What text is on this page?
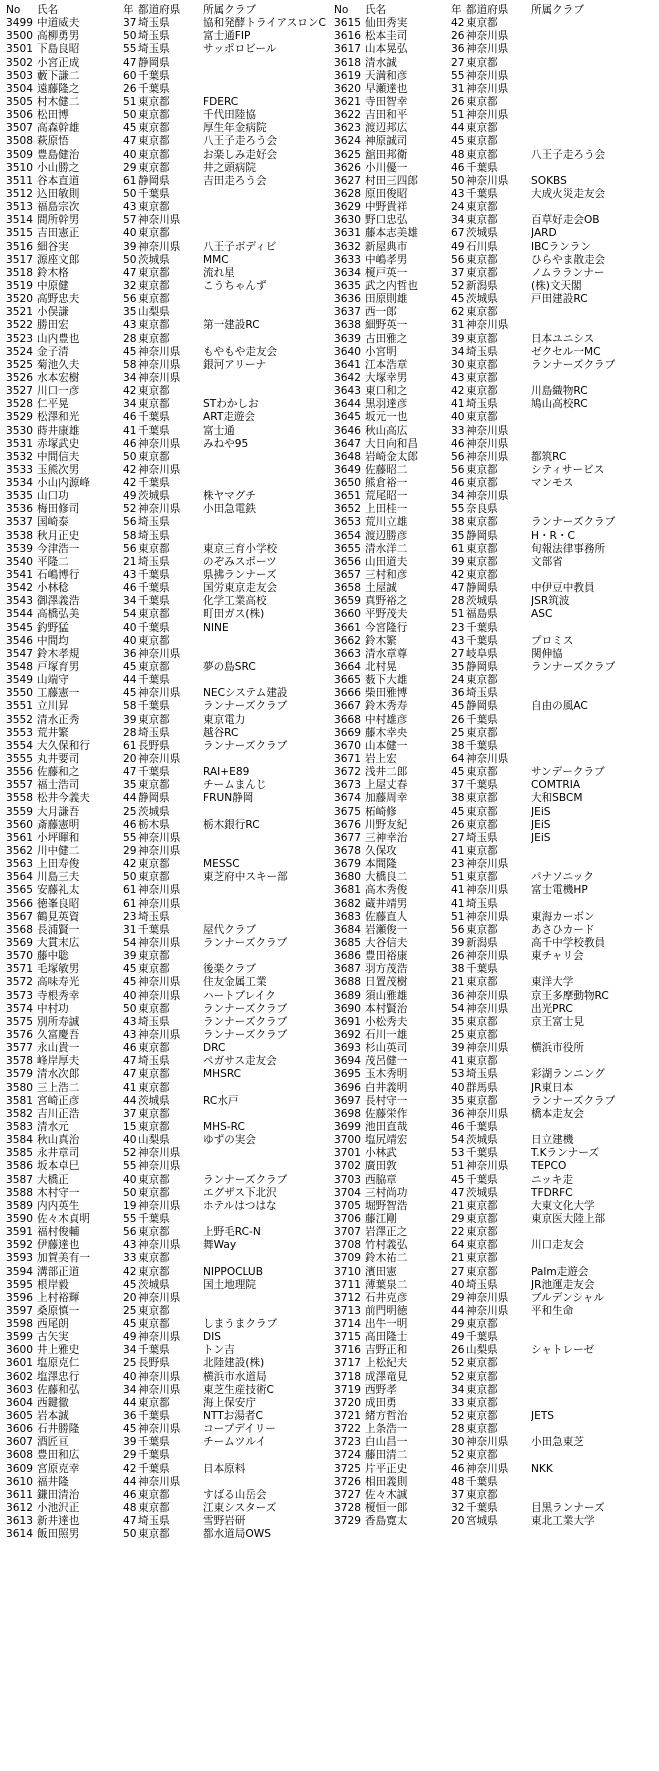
No	氏名	年 都道府県	所属クラブ
3499 中道威夫	37 埼玉県	協和発酵トライアスロンC
3500 高柳勇男	50 埼玉県	富士通FIP
3501 下島良昭	55 埼玉県	サッポロビール
3502 小宮正成	47 静岡県
3503 藪下謙二	60 千葉県
3504 遠藤隆之	26 千葉県
3505 村木健二	51 東京都	FDERC
3506 松田博	50 東京都	千代田陸協
3507 高森幹雄	45 東京都	厚生年金病院
3508 萩原悟	47 東京都	八王子走ろう会
3509 豊島健治	40 東京都	お楽しみ走好会
3510 小山勝之	29 東京都	井之頭病院
3511 谷本直道	61 静岡県	吉田走ろう会
3512 込田敏則	50 千葉県
3513 福島宗次	43 東京都
3514 間所幹男	57 神奈川県
3515 吉田憲正	40 東京都
3516 細谷実	39 神奈川県	八王子ボディビ
3517 源座文郎	50 茨城県	MMC
3518 鈴木格	47 東京都	流れ星
3519 中原健	32 東京都	こうちゃんず
3520 高野忠夫	56 東京都
3521 小俣謙	35 山梨県
3522 勝田宏	43 東京都	第一建設RC
3523 山内豊也	28 東京都
3524 金子清	45 神奈川県	もやもや走友会
3525 菊池久夫	58 神奈川県	銀河アリーナ
3526 水本宏樹	34 神奈川県
3527 川口一彦	42 東京都
3528 仁平晃	34 東京都	STわかしお
3529 松澤和光	46 千葉県	ART走遊会
3530 蒔井康雄	41 千葉県	富士通
3531 赤塚武史	46 神奈川県	みねや95
3532 中間信夫	50 東京都
3533 玉熊次男	42 神奈川県
3534 小山内源峰	42 千葉県
3535 山口功	49 茨城県	株ヤマグチ
3536 梅田修司	52 神奈川県	小田急電鉄
3537 国崎泰	56 埼玉県
3538 秋月正史	58 埼玉県
3539 今津浩一	56 東京都	東京三育小学校
3540 平隆二	21 埼玉県	のぞみスポーツ
3541 石嶋博行	43 千葉県	県拂ランナーズ
3542 小林稔	46 千葉県	国労東京走友会
3543 御澤義浩	34 千葉県	化学工業高校
3544 高橋弘美	54 東京都	町田ガス(株)
3545 釣野猛	40 千葉県	NINE
3546 中間均	40 東京都
3547 鈴木孝規	36 神奈川県
3548 戸塚育男	45 東京都	夢の島SRC
3549 山端守	44 千葉県
3550 工藤憲一	45 神奈川県	NECシステム建設
3551 立川昇	58 千葉県	ランナーズクラブ
3552 清水正秀	39 東京都	東京電力
3553 荒井繁	28 埼玉県	越谷RC
3554 大久保和行	61 長野県	ランナーズクラブ
3555 丸井要司	20 神奈川県
3556 佐藤和之	47 千葉県	RAI+E89
3557 福士浩司	35 東京都	チームまんじ
3558 松井今義夫	44 静岡県	FRUN静岡
3559 大月謙吾	25 茨城県
3560 斎藤憲明	46 栃木県	栃木銀行RC
3561 小坪暉和	55 神奈川県
3562 川中健二	29 神奈川県
3563 上田寿俊	42 東京都	MESSC
3564 川島三夫	50 東京都	東芝府中スキー部
3565 安藤礼太	61 神奈川県
3566 徳峯良昭	61 神奈川県
3567 鶴見英資	23 埼玉県
3568 長浦賢一	31 千葉県	屋代クラブ
3569 大貫末広	54 神奈川県	ランナーズクラブ
3570 藤中聡	39 東京都
3571 毛塚敏男	45 東京都	後楽クラブ
3572 高味寿光	45 神奈川県	住友金属工業
3573 寺根秀幸	40 神奈川県	ハートブレイク
3574 中村功	50 東京都	ランナーズクラブ
3575 別所寿誠	43 埼玉県	ランナーズクラブ
3576 久富慶吾	43 神奈川県	ランナーズクラブ
3577 永山貴一	46 東京都	DRC
3578 峰岸厚夫	47 埼玉県	ペガサス走友会
3579 清水次郎	47 東京都	MHSRC
3580 三上浩二	41 東京都
3581 宮崎正彦	44 茨城県	RC水戸
3582 吉川正浩	37 東京都
3583 清水元	15 東京都	MHS-RC
3584 秋山真治	40 山梨県	ゆずの実会
3585 永井章司	52 神奈川県
3586 坂本卓巳	55 神奈川県
3587 大橋正	40 東京都	ランナーズクラブ
3588 木村守一	50 東京都	エグザス下北沢
3589 内内英生	19 神奈川県	ホテルはつはな
3590 佐々木貞明	55 千葉県
3591 福村俊輔	56 東京都	上野毛RC-N
3592 伊藤達也	43 神奈川県	舞Way
3593 加賀美有一	33 東京都
3594 溝部正道	42 東京都	NIPPOCLUB
3595 根岸毅	45 茨城県	国土地理院
3596 上村裕輝	20 神奈川県
3597 桑原慎一	25 東京都
3598 西尾朗	45 東京都	しまうまクラブ
3599 古矢実	49 神奈川県	DIS
3600 井上雅史	34 千葉県	トン吉
3601 塩原克仁	25 長野県	北陸建設(株)
3602 塩澤忠行	40 神奈川県	横浜市水道局
3603 佐藤和弘	34 神奈川県	東芝生産技術C
3604 西鍵徹	44 東京都	海上保安庁
3605 岩本誠	36 千葉県	NTTお湯者C
3606 石井勝隆	45 神奈川県	コープデイリー
3607 酒匠亘	39 千葉県	チームツルイ
3608 豊田和広	29 千葉県
3609 宮原克幸	42 千葉県	日本原料
3610 福井隆	44 神奈川県
3611 鎌田清治	46 東京都	すばる山岳会
3612 小池沢正	48 東京都	江東シスターズ
3613 新井達也	47 埼玉県	雪野岩研
3614 飯田照男	50 東京都	都水道局OWS
No	氏名	年 都道府県	所属クラブ
3615 仙田秀実	42 東京都
3616 松本圭司	26 神奈川県
3617 山本晃弘	36 神奈川県
3618 清水誠	27 東京都
3619 天満和彦	55 神奈川県
3620 早瀬達也	31 神奈川県
3621 寺田智幸	26 東京都
3622 吉田和平	51 神奈川県
3623 渡辺邦広	44 東京都
3624 神原誠司	45 東京都
3625 舘田邦衛	48 東京都	八王子走ろう会
3626 小川優一	46 千葉県
3627 村田三四郎	50 神奈川県	SOKBS
3628 原田俊昭	43 千葉県	大成火災走友会
3629 中野貴祥	24 東京都
3630 野口忠弘	34 東京都	百草好走会OB
3631 藤本志美雄	67 茨城県	JARD
3632 新屋典市	49 石川県	IBCランラン
3633 中嶋孝男	56 東京都	ひらやま散走会
3634 榎戸英一	37 東京都	ノムラランナー
3635 武之内哲也	52 新潟県	(株)文天閣
3636 田原則雄	45 茨城県	戸田建設RC
3637 西一郎	62 東京都
3638 細野英一	31 神奈川県
3639 古田雅之	39 東京都	日本ユニシス
3640 小宮明	34 埼玉県	ゼクセル一MC
3641 江本浩章	30 東京都	ランナーズクラブ
3642 大塚幸男	43 東京都
3643 東口和之	42 東京都	川島織物RC
3644 黒羽達彦	41 埼玉県	鳩山高校RC
3645 坂元一也	40 東京都
3646 秋山高広	33 神奈川県
3647 大日向和昌	46 神奈川県
3648 岩崎金太郎	56 神奈川県	都筑RC
3649 佐藤昭二	56 東京都	シティサービス
3650 熊倉裕一	46 東京都	マンモス
3651 荒尾昭一	34 神奈川県
3652 上田桂一	55 奈良県
3653 荒川立雄	38 東京都	ランナーズクラブ
3654 渡辺勝彦	35 静岡県	H・R・C
3655 清水洋二	61 東京都	旬報法律事務所
3656 山田道夫	39 東京都	文部省
3657 三村和彦	42 東京都
3658 土屋誠	47 静岡県	中伊豆中教員
3659 真野裕之	28 茨城県	JSR筑波
3660 平野茂夫	51 福島県	ASC
3661 今宮隆行	23 千葉県
3662 鈴木繁	43 千葉県	プロミス
3663 清水章尊	27 岐阜県	関伸協
3664 北村晃	35 静岡県	ランナーズクラブ
3665 薮下大雄	24 東京都
3666 柴田雅博	36 埼玉県
3667 鈴木秀寿	45 静岡県	自由の風AC
3668 中村雄彦	26 千葉県
3669 藤木幸央	25 東京都
3670 山本健一	38 千葉県
3671 岩上宏	64 神奈川県
3672 浅井二郎	45 東京都	サンデークラブ
3673 上屋丈春	37 千葉県	COMTRIA
3674 加藤周幸	38 東京都	大和SBCM
3675 柘崎修	45 東京都	JEiS
3676 川野友紀	26 東京都	JEiS
3677 三神幸治	27 埼玉県	JEiS
3678 久保攻	41 東京都
3679 本間隆	23 神奈川県
3680 大橋良二	51 東京都	パナソニック
3681 高木秀俊	41 神奈川県	富士電機HP
3682 蔵井靖男	41 埼玉県
3683 佐藤直人	51 神奈川県	東海カーボン
3684 岩瀬俊一	56 東京都	あさひカード
3685 大谷信夫	39 新潟県	高千中学校教員
3686 豊田裕康	26 神奈川県	東チャリ会
3687 羽方茂浩	38 千葉県
3688 日置茂樹	21 東京都	東洋大学
3689 須山雅雄	36 神奈川県	京王多摩動物RC
3690 本村賢治	54 神奈川県	出光PRC
3691 小松秀夫	35 東京都	京王富士見
3692 石川一雄	25 東京都
3693 杉山英司	39 神奈川県	横浜市役所
3694 茂呂健一	41 東京都
3695 玉木秀明	53 埼玉県	彩湖ランニング
3696 白井義明	40 群馬県	JR東日本
3697 長村守一	35 東京都	ランナーズクラブ
3698 佐藤栄作	36 神奈川県	橋本走友会
3699 池田直哉	46 千葉県
3700 塩尻靖宏	54 茨城県	日立建機
3701 小林武	53 千葉県	T.Kランナーズ
3702 廣田敦	51 神奈川県	TEPCO
3703 西脇章	45 千葉県	ニッキ走
3704 三村尚功	47 茨城県	TFDRFC
3705 堀野智浩	21 東京都	大東文化大学
3706 藤江剛	29 東京都	東京医大陸上部
3707 岩澤正之	22 東京都
3708 竹村義弘	64 東京都	川口走友会
3709 鈴木祐二	21 東京都
3710 濱田憲	27 東京都	Palm走遊会
3711 薄葉泉二	40 埼玉県	JR池運走友会
3712 石井克彦	29 神奈川県	ブルデンシャル
3713 前門明徳	44 神奈川県	平和生命
3714 出牛一明	29 東京都
3715 高田隆士	49 千葉県
3716 吉野正和	26 山梨県	シャトレーゼ
3717 上松紀夫	52 東京都
3718 成澤竜見	52 東京都
3719 西野孝	34 東京都
3720 成田勇	33 東京都
3721 緒方哲治	52 東京都	JETS
3722 上条浩一	28 東京都
3723 白山昌一	30 神奈川県	小田急東芝
3724 藤田清二	52 東京都
3725 片平正史	46 神奈川県	NKK
3726 相田義則	48 千葉県
3727 佐々木誠	37 東京都
3728 榎恒一郎	32 千葉県	目黒ランナーズ
3729 香島寛太	20 宮城県	東北工業大学
